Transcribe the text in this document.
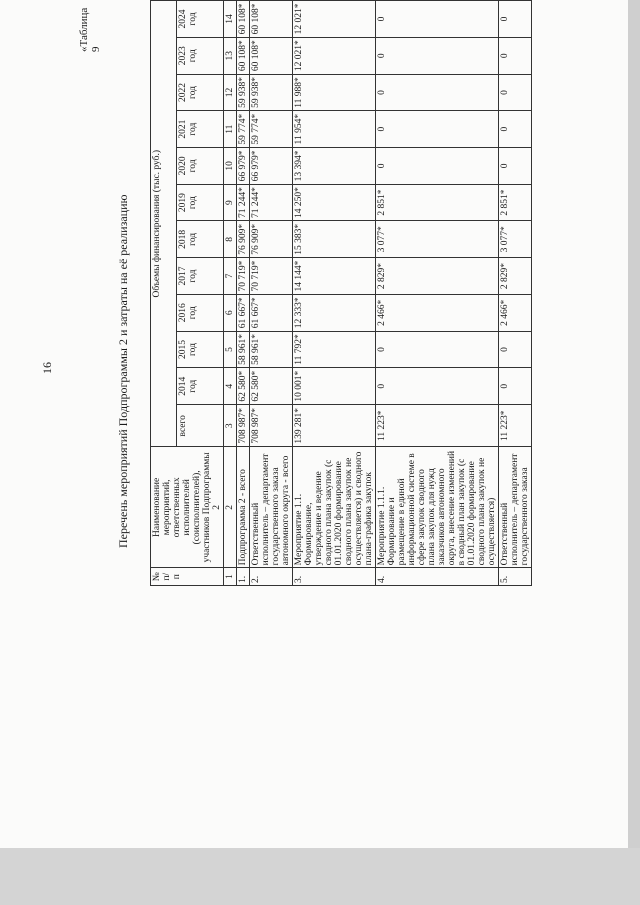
16
«Таблица 9
Перечень мероприятий Подпрограммы 2 и затраты на её реализацию
№ п/п	Наименование мероприятий, ответственных исполнителей (соисполнителей), участников Подпрограммы 2	Объемы финансирования (тыс. руб.)											
		всего	2014 год	2015 год	2016 год	2017 год	2018 год	2019 год	2020 год	2021 год	2022 год	2023 год	2024 год
1	2	3	4	5	6	7	8	9	10	11	12	13	14
1.	Подпрограмма 2 - всего	708 987*	62 580*	58 961*	61 667*	70 719*	76 909*	71 244*	66 979*	59 774*	59 938*	60 108*	60 108*
2.	Ответственный исполнитель – департамент государственного заказа автономного округа - всего	708 987*	62 580*	58 961*	61 667*	70 719*	76 909*	71 244*	66 979*	59 774*	59 938*	60 108*	60 108*
3.	Мероприятие 1.1. Формирование, утверждение и ведение сводного плана закупок (с 01.01.2020 формирование сводного плана закупок не осуществляется) и сводного плана-графика закупок	139 281*	10 001*	11 792*	12 333*	14 144*	15 383*	14 250*	13 394*	11 954*	11 988*	12 021*	12 021*
4.	Мероприятие 1.1.1. Формирование и размещение в единой информационной системе в сфере закупок сводного плана закупок для нужд заказчиков автономного округа, внесение изменений в сводный план закупок (с 01.01.2020 формирование сводного плана закупок не осуществляется)	11 223*	0	0	2 466*	2 829*	3 077*	2 851*	0	0	0	0	0
5.	Ответственный исполнитель – департамент государственного заказа	11 223*	0	0	2 466*	2 829*	3 077*	2 851*	0	0	0	0	0
